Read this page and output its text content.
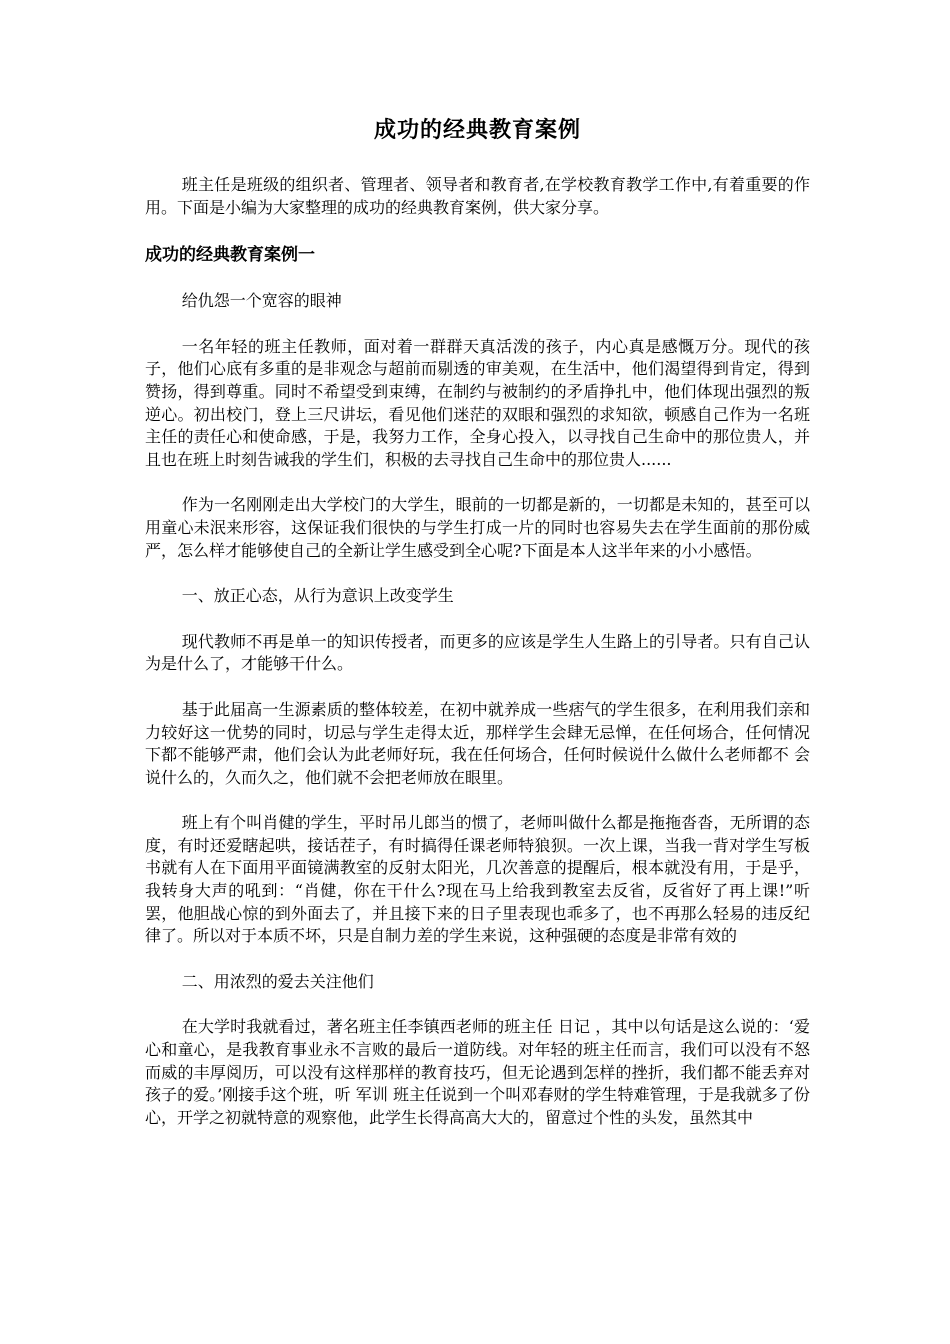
成功的经典教育案例

班主任是班级的组织者、管理者、领导者和教育者,在学校教育教学工作中,有着重要的作用。下面是小编为大家整理的成功的经典教育案例，供大家分享。

成功的经典教育案例一

给仇怨一个宽容的眼神

一名年轻的班主任教师，面对着一群群天真活泼的孩子，内心真是感慨万分。现代的孩子，他们心底有多重的是非观念与超前而剔透的审美观，在生活中，他们渴望得到肯定，得到赞扬，得到尊重。同时不希望受到束缚，在制约与被制约的矛盾挣扎中，他们体现出强烈的叛逆心。初出校门，登上三尺讲坛，看见他们迷茫的双眼和强烈的求知欲，顿感自己作为一名班主任的责任心和使命感，于是，我努力工作，全身心投入，以寻找自己生命中的那位贵人，并且也在班上时刻告诫我的学生们，积极的去寻找自己生命中的那位贵人......

作为一名刚刚走出大学校门的大学生，眼前的一切都是新的，一切都是未知的，甚至可以用童心未泯来形容，这保证我们很快的与学生打成一片的同时也容易失去在学生面前的那份威严，怎么样才能够使自己的全新让学生感受到全心呢?下面是本人这半年来的小小感悟。

一、放正心态，从行为意识上改变学生

现代教师不再是单一的知识传授者，而更多的应该是学生人生路上的引导者。只有自己认为是什么了，才能够干什么。

基于此届高一生源素质的整体较差，在初中就养成一些痞气的学生很多，在利用我们亲和力较好这一优势的同时，切忌与学生走得太近，那样学生会肆无忌惮，在任何场合，任何情况下都不能够严肃，他们会认为此老师好玩，我在任何场合，任何时候说什么做什么老师都不 会说什么的，久而久之，他们就不会把老师放在眼里。

班上有个叫肖健的学生，平时吊儿郎当的惯了，老师叫做什么都是拖拖沓沓，无所谓的态度，有时还爱瞎起哄，接话茬子，有时搞得任课老师特狼狈。一次上课，当我一背对学生写板书就有人在下面用平面镜满教室的反射太阳光，几次善意的提醒后，根本就没有用，于是乎，我转身大声的吼到：“肖健，你在干什么?现在马上给我到教室去反省，反省好了再上课!”听罢，他胆战心惊的到外面去了，并且接下来的日子里表现也乖多了，也不再那么轻易的违反纪律了。所以对于本质不坏，只是自制力差的学生来说，这种强硬的态度是非常有效的

二、用浓烈的爱去关注他们

在大学时我就看过，著名班主任李镇西老师的班主任 日记 ，其中以句话是这么说的：‘爱心和童心，是我教育事业永不言败的最后一道防线。对年轻的班主任而言，我们可以没有不怒而威的丰厚阅历，可以没有这样那样的教育技巧，但无论遇到怎样的挫折，我们都不能丢弃对孩子的爱。’刚接手这个班，听 军训 班主任说到一个叫邓春财的学生特难管理，于是我就多了份心，开学之初就特意的观察他，此学生长得高高大大的，留意过个性的头发，虽然其中
